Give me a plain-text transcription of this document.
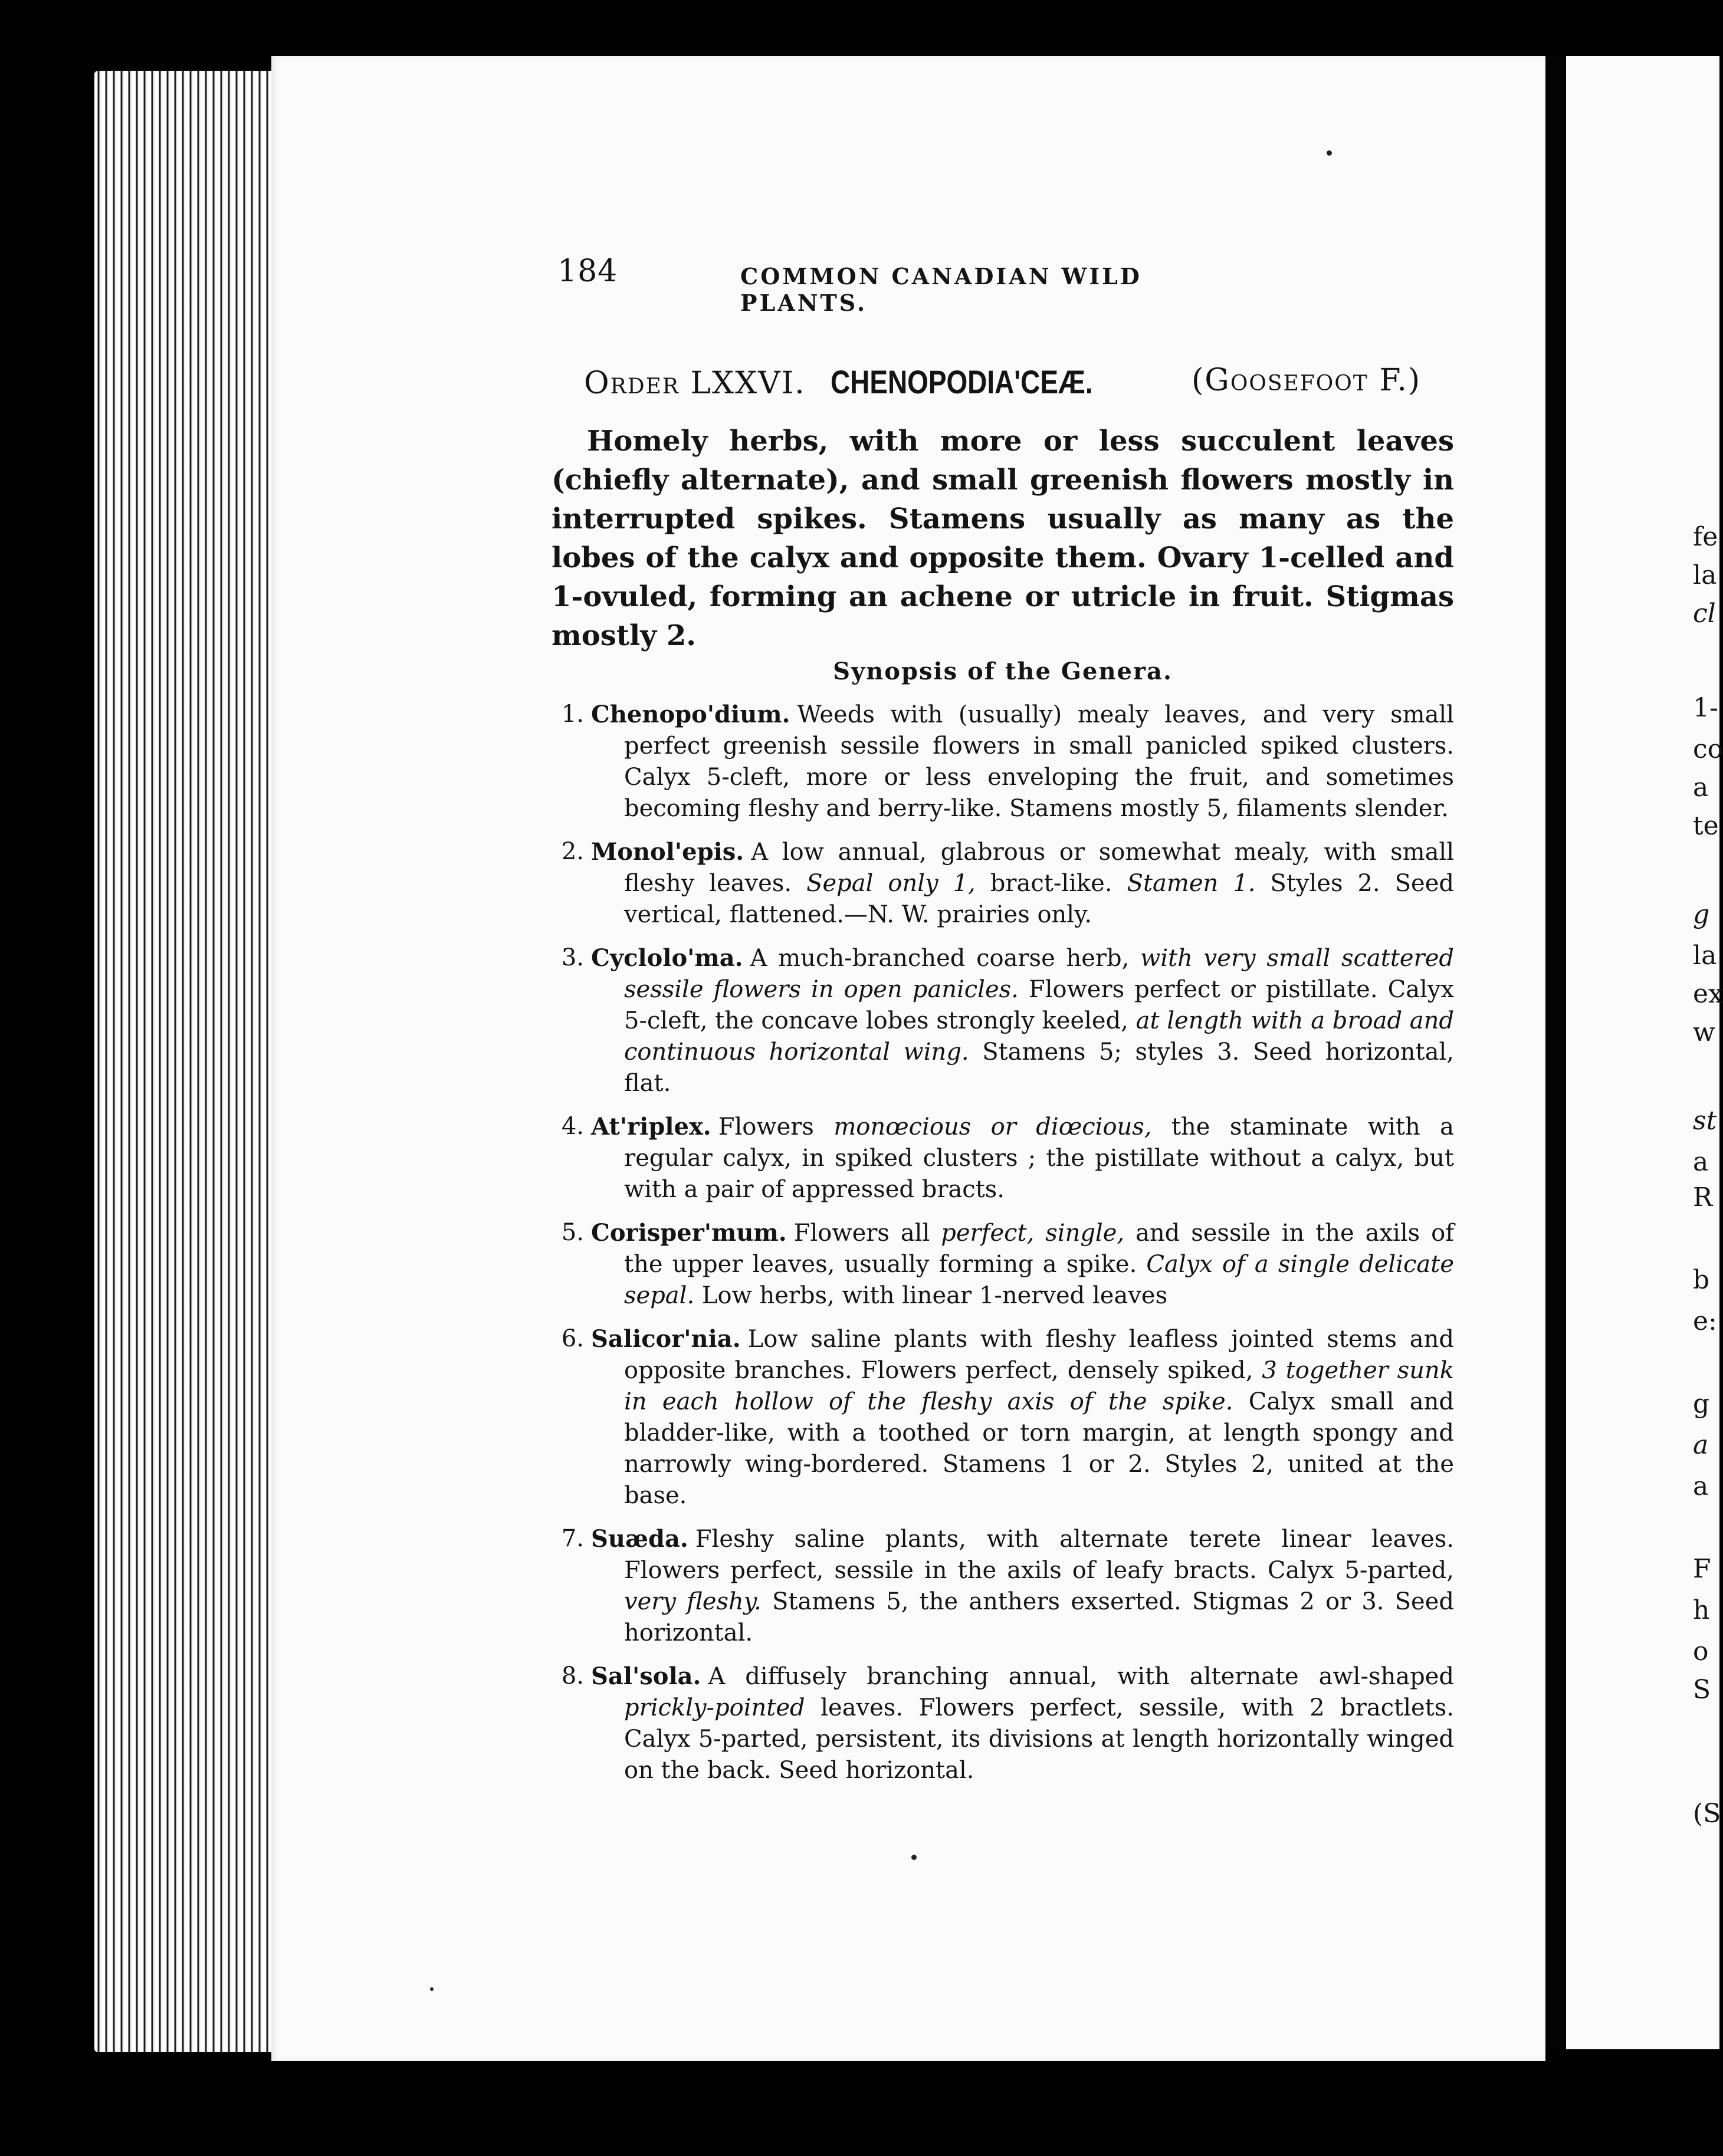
184	COMMON CANADIAN WILD PLANTS.
Order LXXVI. CHENOPODIA'CEÆ.	(Goosefoot F.)

Homely herbs, with more or less succulent leaves (chiefly alternate), and small greenish flowers mostly in interrupted spikes. Stamens usually as many as the lobes of the calyx and opposite them. Ovary 1-celled and 1-ovuled, forming an achene or utricle in fruit. Stigmas mostly 2.

Synopsis of the Genera.
1. Chenopo'dium. Weeds with (usually) mealy leaves, and very small perfect greenish sessile flowers in small panicled spiked clusters. Calyx 5-cleft, more or less enveloping the fruit, and sometimes becoming fleshy and berry-like. Stamens mostly 5, filaments slender.
2. Monol'epis. A low annual, glabrous or somewhat mealy, with small fleshy leaves. Sepal only 1, bract-like. Stamen 1. Styles 2. Seed vertical, flattened.—N. W. prairies only.
3. Cyclolo'ma. A much-branched coarse herb, with very small scattered sessile flowers in open panicles. Flowers perfect or pistillate. Calyx 5-cleft, the concave lobes strongly keeled, at length with a broad and continuous horizontal wing. Stamens 5; styles 3. Seed horizontal, flat.
4. At'riplex. Flowers monœcious or diœcious, the staminate with a regular calyx, in spiked clusters ; the pistillate without a calyx, but with a pair of appressed bracts.
5. Corisper'mum. Flowers all perfect, single, and sessile in the axils of the upper leaves, usually forming a spike. Calyx of a single delicate sepal. Low herbs, with linear 1-nerved leaves
6. Salicor'nia. Low saline plants with fleshy leafless jointed stems and opposite branches. Flowers perfect, densely spiked, 3 together sunk in each hollow of the fleshy axis of the spike. Calyx small and bladder-like, with a toothed or torn margin, at length spongy and narrowly wing-bordered. Stamens 1 or 2. Styles 2, united at the base.
7. Suæda. Fleshy saline plants, with alternate terete linear leaves. Flowers perfect, sessile in the axils of leafy bracts. Calyx 5-parted, very fleshy. Stamens 5, the anthers exserted. Stigmas 2 or 3. Seed horizontal.
8. Sal'sola. A diffusely branching annual, with alternate awl-shaped prickly-pointed leaves. Flowers perfect, sessile, with 2 bractlets. Calyx 5-parted, persistent, its divisions at length horizontally winged on the back. Seed horizontal.
fe
la
cl
1-
co
a
te
g
la
ex
w
st
a
R
b
e:
g
a
a
F
h
o
S
(S
